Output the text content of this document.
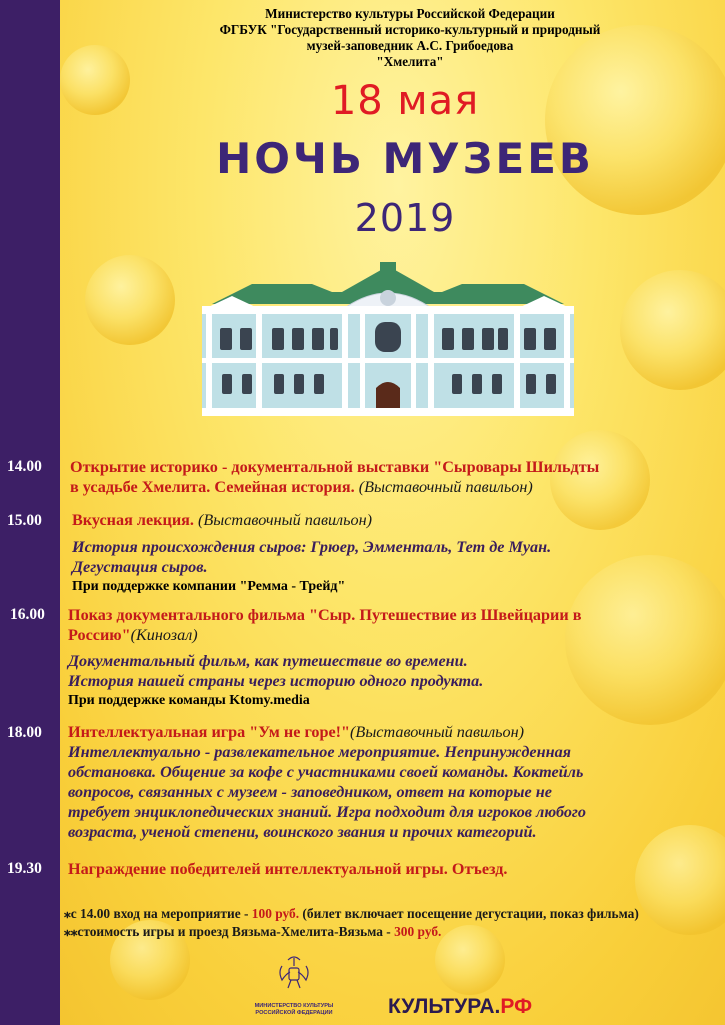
Министерство культуры Российской Федерации
ФГБУК "Государственный историко-культурный и природный
музей-заповедник А.С. Грибоедова
"Хмелита"
18 мая
НОЧЬ МУЗЕЕВ
2019
14.00	Открытие историко - документальной выставки "Сыровары Шильдты
в усадьбе Хмелита. Семейная история. (Выставочный павильон)
15.00	Вкусная лекция. (Выставочный павильон)
История происхождения сыров: Грюер, Эмменталь, Тет де Муан.
Дегустация сыров.
При поддержке компании "Ремма - Трейд"
16.00	Показ документального фильма "Сыр. Путешествие из Швейцарии в
Россию"(Кинозал)
Документальный фильм, как путешествие во времени.
История нашей страны через историю одного продукта.
При поддержке команды Ktomy.media
18.00	Интеллектуальная игра "Ум не горе!"(Выставочный павильон)
Интеллектуально - развлекательное мероприятие. Непринужденная
обстановка. Общение за кофе с участниками своей команды. Коктейль
вопросов, связанных с музеем - заповедником, ответ на которые не
требует энциклопедических знаний. Игра подходит для игроков любого
возраста, ученой степени, воинского звания и прочих категорий.
19.30	Награждение победителей интеллектуальной игры. Отъезд.
⁎с 14.00 вход на мероприятие - 100 руб. (билет включает посещение дегустации, показ фильма)
⁎⁎стоимость игры и проезд Вязьма-Хмелита-Вязьма - 300 руб.
МИНИСТЕРСТВО КУЛЬТУРЫ
РОССИЙСКОЙ ФЕДЕРАЦИИ	КУЛЬТУРА.РФ
